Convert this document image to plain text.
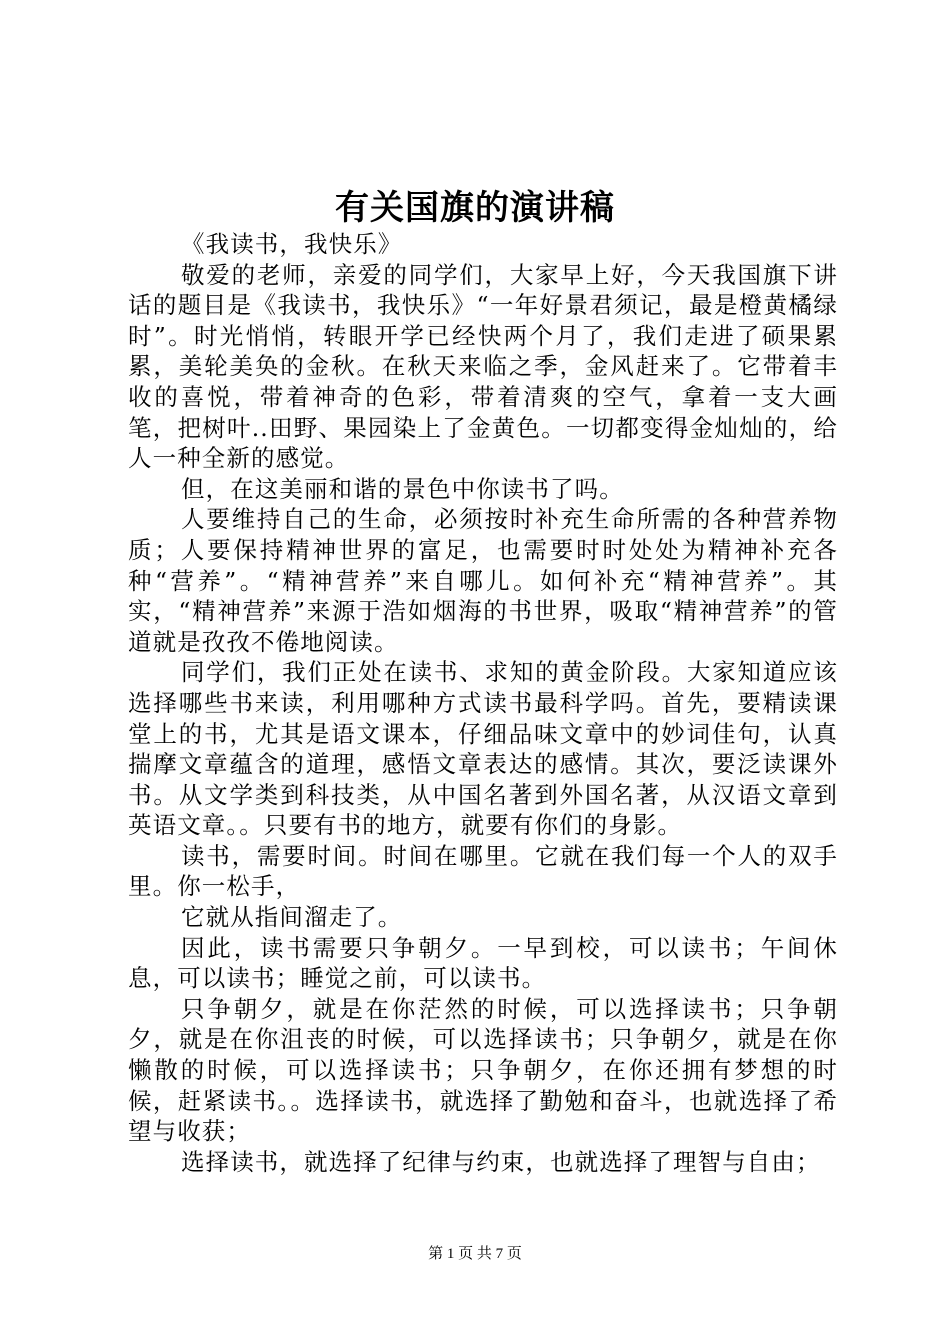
有关国旗的演讲稿

《我读书，我快乐》

敬爱的老师，亲爱的同学们，大家早上好，今天我国旗下讲话的题目是《我读书，我快乐》“一年好景君须记，最是橙黄橘绿时”。时光悄悄，转眼开学已经快两个月了，我们走进了硕果累累，美轮美奂的金秋。在秋天来临之季，金风赶来了。它带着丰收的喜悦，带着神奇的色彩，带着清爽的空气，拿着一支大画笔，把树叶..田野、果园染上了金黄色。一切都变得金灿灿的，给人一种全新的感觉。

但，在这美丽和谐的景色中你读书了吗。

人要维持自己的生命，必须按时补充生命所需的各种营养物质；人要保持精神世界的富足，也需要时时处处为精神补充各种“营养”。“精神营养”来自哪儿。如何补充“精神营养”。其实，“精神营养”来源于浩如烟海的书世界，吸取“精神营养”的管道就是孜孜不倦地阅读。

同学们，我们正处在读书、求知的黄金阶段。大家知道应该选择哪些书来读，利用哪种方式读书最科学吗。首先，要精读课堂上的书，尤其是语文课本，仔细品味文章中的妙词佳句，认真揣摩文章蕴含的道理，感悟文章表达的感情。其次，要泛读课外书。从文学类到科技类，从中国名著到外国名著，从汉语文章到英语文章。。只要有书的地方，就要有你们的身影。

读书，需要时间。时间在哪里。它就在我们每一个人的双手里。你一松手，

它就从指间溜走了。

因此，读书需要只争朝夕。一早到校，可以读书；午间休息，可以读书；睡觉之前，可以读书。

只争朝夕，就是在你茫然的时候，可以选择读书；只争朝夕，就是在你沮丧的时候，可以选择读书；只争朝夕，就是在你懒散的时候，可以选择读书；只争朝夕，在你还拥有梦想的时候，赶紧读书。。选择读书，就选择了勤勉和奋斗，也就选择了希望与收获；

选择读书，就选择了纪律与约束，也就选择了理智与自由；

第 1 页 共 7 页
